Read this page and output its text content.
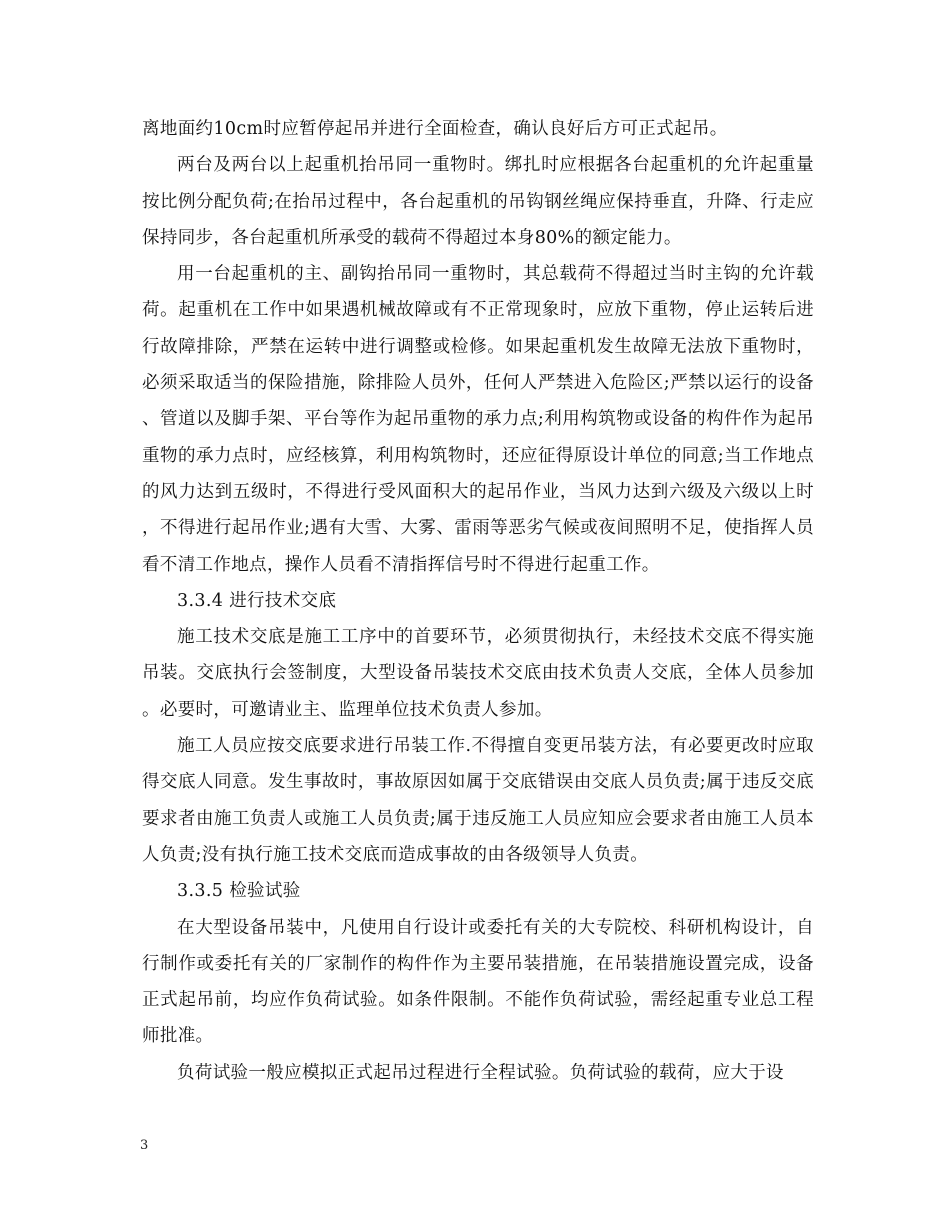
离地面约10cm时应暂停起吊并进行全面检查，确认良好后方可正式起吊。

两台及两台以上起重机抬吊同一重物时。绑扎时应根据各台起重机的允许起重量按比例分配负荷;在抬吊过程中，各台起重机的吊钩钢丝绳应保持垂直，升降、行走应保持同步，各台起重机所承受的载荷不得超过本身80%的额定能力。

用一台起重机的主、副钩抬吊同一重物时，其总载荷不得超过当时主钩的允许载荷。起重机在工作中如果遇机械故障或有不正常现象时，应放下重物，停止运转后进行故障排除，严禁在运转中进行调整或检修。如果起重机发生故障无法放下重物时，必须采取适当的保险措施，除排险人员外，任何人严禁进入危险区;严禁以运行的设备、管道以及脚手架、平台等作为起吊重物的承力点;利用构筑物或设备的构件作为起吊重物的承力点时，应经核算，利用构筑物时，还应征得原设计单位的同意;当工作地点的风力达到五级时，不得进行受风面积大的起吊作业，当风力达到六级及六级以上时，不得进行起吊作业;遇有大雪、大雾、雷雨等恶劣气候或夜间照明不足，使指挥人员看不清工作地点，操作人员看不清指挥信号时不得进行起重工作。

3.3.4 进行技术交底

施工技术交底是施工工序中的首要环节，必须贯彻执行，未经技术交底不得实施吊装。交底执行会签制度，大型设备吊装技术交底由技术负责人交底，全体人员参加。必要时，可邀请业主、监理单位技术负责人参加。

施工人员应按交底要求进行吊装工作.不得擅自变更吊装方法，有必要更改时应取得交底人同意。发生事故时，事故原因如属于交底错误由交底人员负责;属于违反交底要求者由施工负责人或施工人员负责;属于违反施工人员应知应会要求者由施工人员本人负责;没有执行施工技术交底而造成事故的由各级领导人负责。

3.3.5 检验试验

在大型设备吊装中，凡使用自行设计或委托有关的大专院校、科研机构设计，自行制作或委托有关的厂家制作的构件作为主要吊装措施，在吊装措施设置完成，设备正式起吊前，均应作负荷试验。如条件限制。不能作负荷试验，需经起重专业总工程师批准。

负荷试验一般应模拟正式起吊过程进行全程试验。负荷试验的载荷，应大于设

3
